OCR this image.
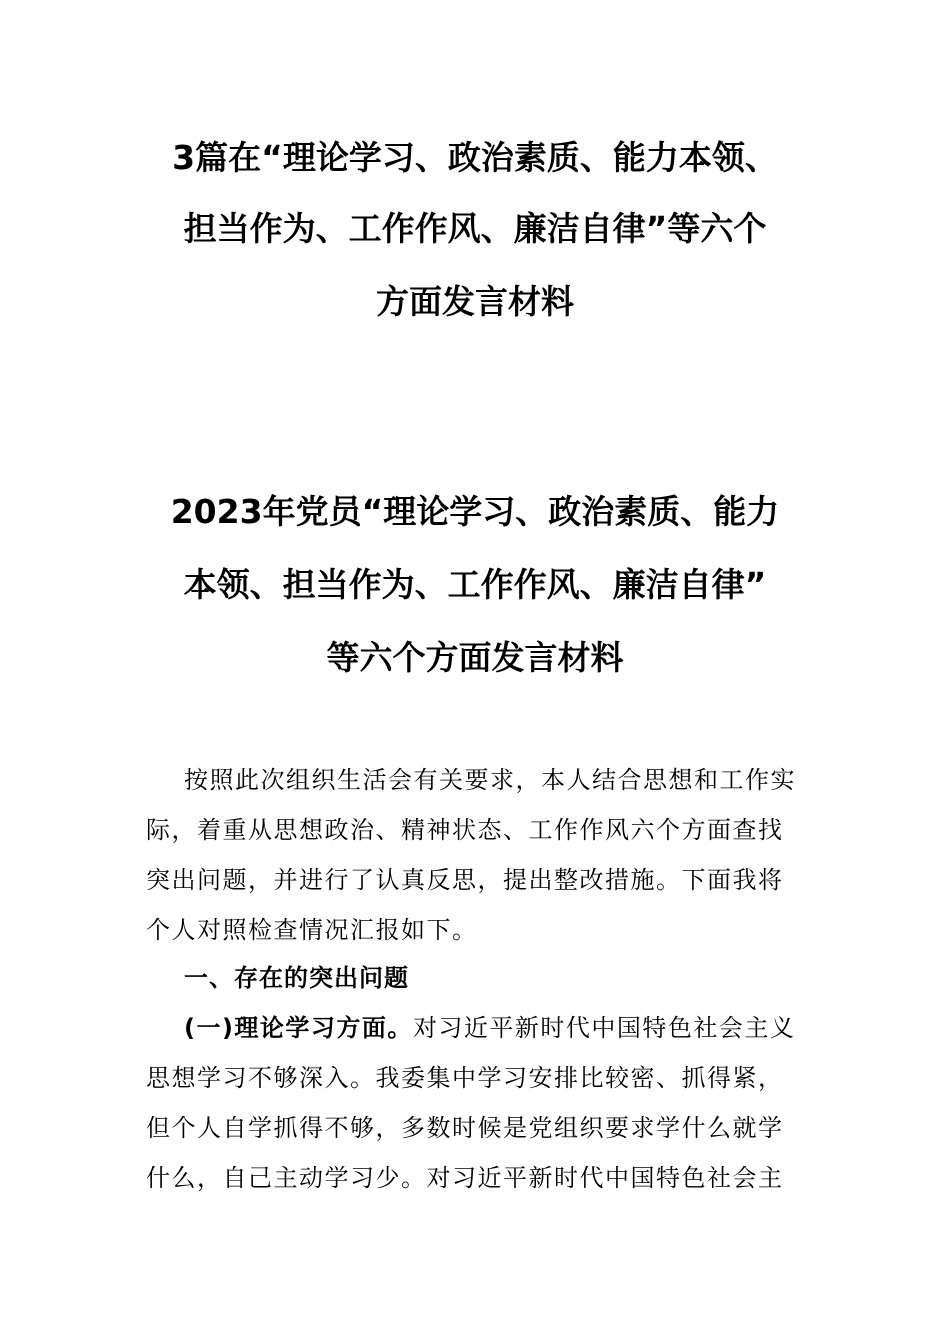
3篇在“理论学习、政治素质、能力本领、
担当作为、工作作风、廉洁自律”等六个
方面发言材料
2023年党员“理论学习、政治素质、能力
本领、担当作为、工作作风、廉洁自律”
等六个方面发言材料
按照此次组织生活会有关要求，本人结合思想和工作实
际，着重从思想政治、精神状态、工作作风六个方面查找
突出问题，并进行了认真反思，提出整改措施。下面我将
个人对照检查情况汇报如下。
一、存在的突出问题
(一)理论学习方面。对习近平新时代中国特色社会主义
思想学习不够深入。我委集中学习安排比较密、抓得紧，
但个人自学抓得不够，多数时候是党组织要求学什么就学
什么，自己主动学习少。对习近平新时代中国特色社会主
